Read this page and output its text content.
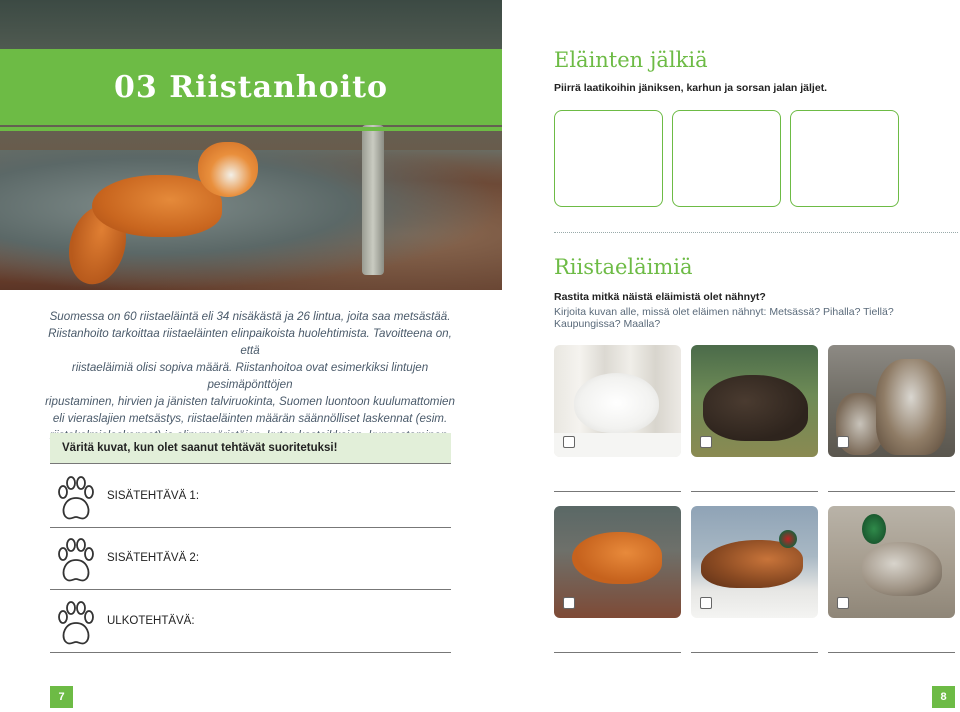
03 Riistanhoito
Suomessa on 60 riistaeläintä eli 34 nisäkästä ja 26 lintua, joita saa metsästää.
Riistanhoito tarkoittaa riistaeläinten elinpaikoista huolehtimista. Tavoitteena on, että
riistaeläimiä olisi sopiva määrä. Riistanhoitoa ovat esimerkiksi lintujen pesimäpönttöjen
ripustaminen, hirvien ja jänisten talviruokinta, Suomen luontoon kuulumattomien
eli vieraslajien metsästys, riistaeläinten määrän säännölliset laskennat (esim.
Väritä kuvat, kun olet saanut tehtävät suoritetuksi!
SISÄTEHTÄVÄ 1:
SISÄTEHTÄVÄ 2:
ULKOTEHTÄVÄ:
7
Eläinten jälkiä
Piirrä laatikoihin jäniksen, karhun ja sorsan jalan jäljet.
Riistaeläimiä
Rastita mitkä näistä eläimistä olet nähnyt?
Kirjoita kuvan alle, missä olet eläimen nähnyt: Metsässä? Pihalla? Tiellä? Kaupungissa? Maalla?
8
